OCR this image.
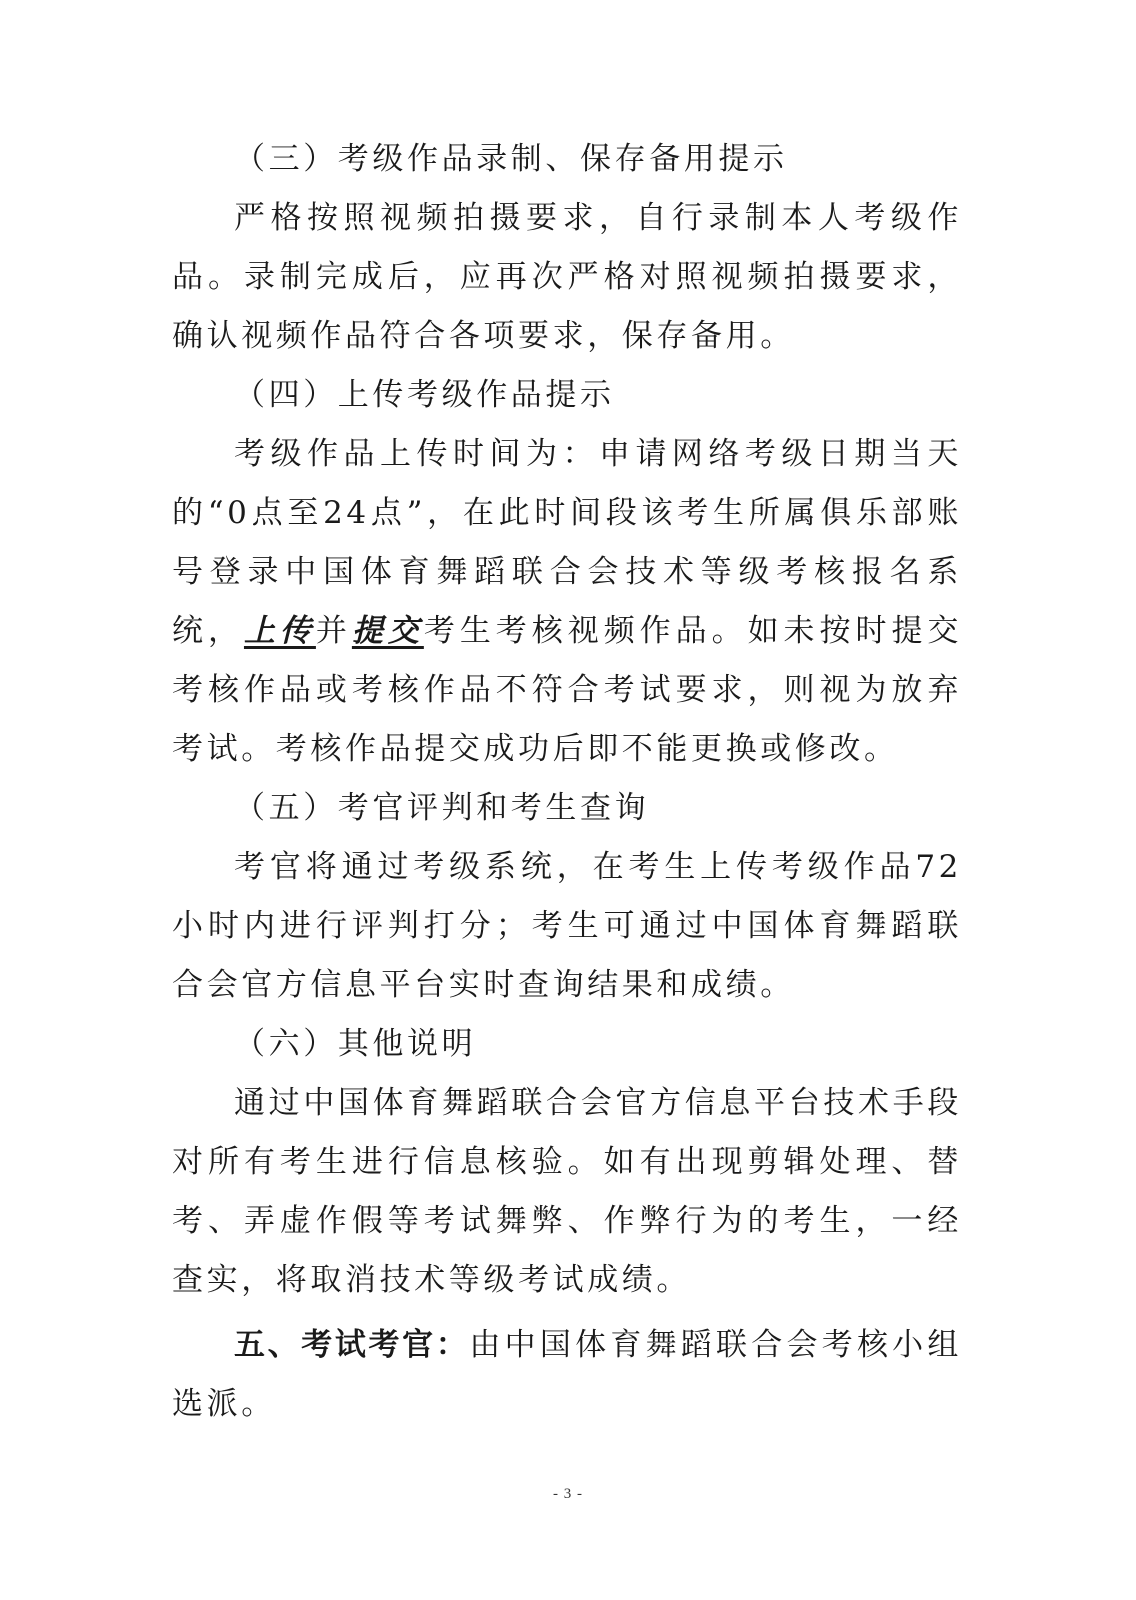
（三）考级作品录制、保存备用提示

严格按照视频拍摄要求，自行录制本人考级作品。录制完成后，应再次严格对照视频拍摄要求，确认视频作品符合各项要求，保存备用。

（四）上传考级作品提示

考级作品上传时间为：申请网络考级日期当天的“0点至24点”，在此时间段该考生所属俱乐部账号登录中国体育舞蹈联合会技术等级考核报名系统，上传并提交考生考核视频作品。如未按时提交考核作品或考核作品不符合考试要求，则视为放弃考试。考核作品提交成功后即不能更换或修改。

（五）考官评判和考生查询

考官将通过考级系统，在考生上传考级作品72小时内进行评判打分；考生可通过中国体育舞蹈联合会官方信息平台实时查询结果和成绩。

（六）其他说明

通过中国体育舞蹈联合会官方信息平台技术手段对所有考生进行信息核验。如有出现剪辑处理、替考、弄虚作假等考试舞弊、作弊行为的考生，一经查实，将取消技术等级考试成绩。

五、考试考官：由中国体育舞蹈联合会考核小组选派。

- 3 -
